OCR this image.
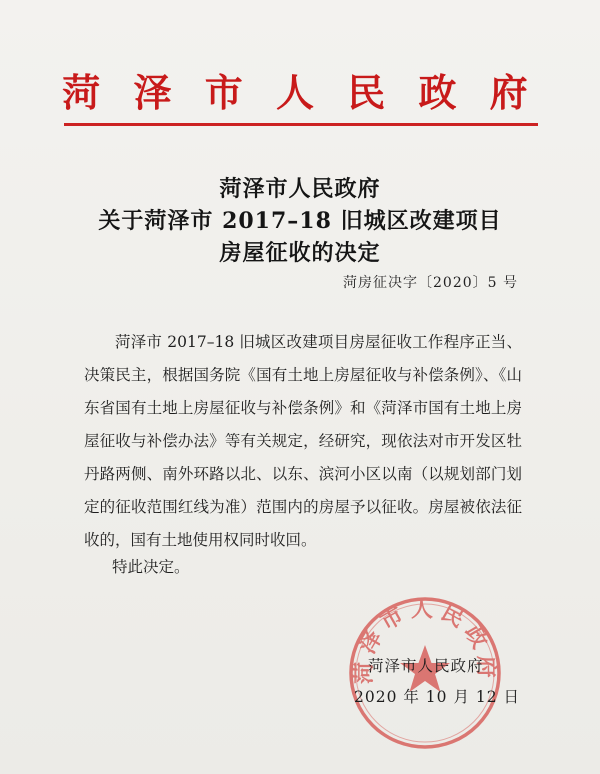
菏 泽 市 人 民 政 府
菏泽市人民政府
关于菏泽市 2017–18 旧城区改建项目
房屋征收的决定
菏房征决字〔2020〕5 号

菏泽市 2017–18 旧城区改建项目房屋征收工作程序正当、决策民主，根据国务院《国有土地上房屋征收与补偿条例》、《山东省国有土地上房屋征收与补偿条例》和《菏泽市国有土地上房屋征收与补偿办法》等有关规定，经研究，现依法对市开发区牡丹路两侧、南外环路以北、以东、滨河小区以南（以规划部门划定的征收范围红线为准）范围内的房屋予以征收。房屋被依法征收的，国有土地使用权同时收回。

特此决定。
菏泽市人民政府
菏泽市人民政府
2020 年 10 月 12 日
